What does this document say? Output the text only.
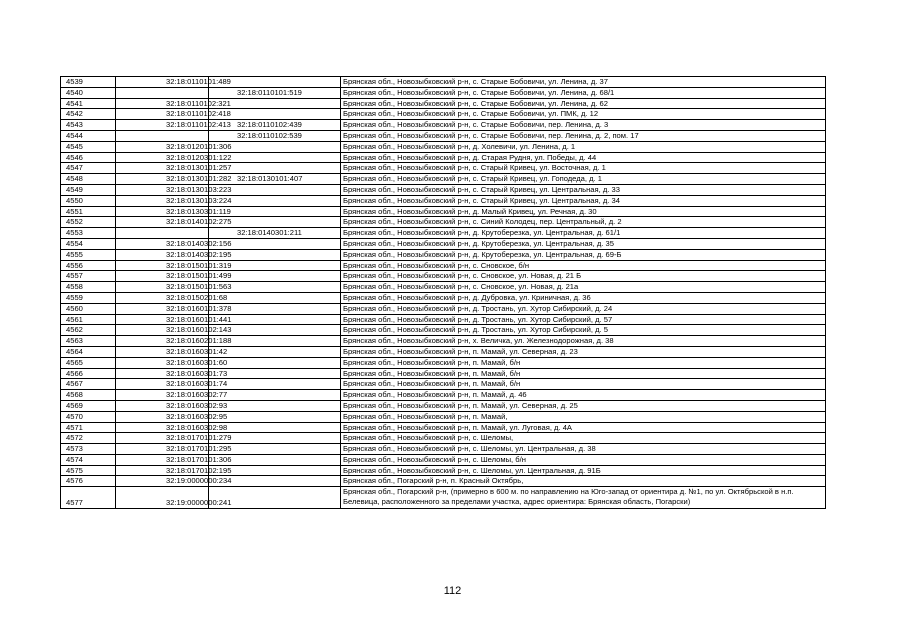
4539	32:18:0110101:489		Брянская обл., Новозыбковский р-н, с. Старые Бобовичи, ул. Ленина, д. 37
4540		32:18:0110101:519	Брянская обл., Новозыбковский р-н, с. Старые Бобовичи, ул. Ленина, д. 68/1
4541	32:18:0110102:321		Брянская обл., Новозыбковский р-н, с. Старые Бобовичи, ул. Ленина, д. 62
4542	32:18:0110102:418		Брянская обл., Новозыбковский р-н, с. Старые Бобовичи, ул. ПМК, д. 12
4543	32:18:0110102:413	32:18:0110102:439	Брянская обл., Новозыбковский р-н, с. Старые Бобовичи, пер. Ленина, д. 3
4544		32:18:0110102:539	Брянская обл., Новозыбковский р-н, с. Старые Бобовичи, пер. Ленина, д. 2, пом. 17
4545	32:18:0120101:306		Брянская обл., Новозыбковский р-н, д. Холевичи, ул. Ленина, д. 1
4546	32:18:0120301:122		Брянская обл., Новозыбковский р-н, д. Старая Рудня, ул. Победы, д. 44
4547	32:18:0130101:257		Брянская обл., Новозыбковский р-н, с. Старый Кривец, ул. Восточная, д. 1
4548	32:18:0130101:282	32:18:0130101:407	Брянская обл., Новозыбковский р-н, с. Старый Кривец, ул. Гоподеда, д. 1
4549	32:18:0130103:223		Брянская обл., Новозыбковский р-н, с. Старый Кривец, ул. Центральная, д. 33
4550	32:18:0130103:224		Брянская обл., Новозыбковский р-н, с. Старый Кривец, ул. Центральная, д. 34
4551	32:18:0130301:119		Брянская обл., Новозыбковский р-н, д. Малый Кривец, ул. Речная, д. 30
4552	32:18:0140102:275		Брянская обл., Новозыбковский р-н, с. Синий Колодец, пер. Центральный, д. 2
4553		32:18:0140301:211	Брянская обл., Новозыбковский р-н, д. Крутоберезка, ул. Центральная, д. 61/1
4554	32:18:0140302:156		Брянская обл., Новозыбковский р-н, д. Крутоберезка, ул. Центральная, д. 35
4555	32:18:0140302:195		Брянская обл., Новозыбковский р-н, д. Крутоберезка, ул. Центральная, д. 69-Б
4556	32:18:0150101:319		Брянская обл., Новозыбковский р-н, с. Сновское, б/н
4557	32:18:0150101:499		Брянская обл., Новозыбковский р-н, с. Сновское, ул. Новая, д. 21 Б
4558	32:18:0150101:563		Брянская обл., Новозыбковский р-н, с. Сновское, ул. Новая, д. 21а
4559	32:18:0150201:68		Брянская обл., Новозыбковский р-н, д. Дубровка, ул. Криничная, д. 36
4560	32:18:0160101:378		Брянская обл., Новозыбковский р-н, д. Тростань, ул. Хутор Сибирский, д. 24
4561	32:18:0160101:441		Брянская обл., Новозыбковский р-н, д. Тростань, ул. Хутор Сибирский, д. 57
4562	32:18:0160102:143		Брянская обл., Новозыбковский р-н, д. Тростань, ул. Хутор Сибирский, д. 5
4563	32:18:0160201:188		Брянская обл., Новозыбковский р-н, х. Величка, ул. Железнодорожная, д. 38
4564	32:18:0160301:42		Брянская обл., Новозыбковский р-н, п. Мамай, ул. Северная, д. 23
4565	32:18:0160301:60		Брянская обл., Новозыбковский р-н, п. Мамай, б/н
4566	32:18:0160301:73		Брянская обл., Новозыбковский р-н, п. Мамай, б/н
4567	32:18:0160301:74		Брянская обл., Новозыбковский р-н, п. Мамай, б/н
4568	32:18:0160302:77		Брянская обл., Новозыбковский р-н, п. Мамай, д. 46
4569	32:18:0160302:93		Брянская обл., Новозыбковский р-н, п. Мамай, ул. Северная, д. 25
4570	32:18:0160302:95		Брянская обл., Новозыбковский р-н, п. Мамай,
4571	32:18:0160302:98		Брянская обл., Новозыбковский р-н, п. Мамай, ул. Луговая, д. 4А
4572	32:18:0170101:279		Брянская обл., Новозыбковский р-н, с. Шеломы,
4573	32:18:0170101:295		Брянская обл., Новозыбковский р-н, с. Шеломы, ул. Центральная, д. 38
4574	32:18:0170101:306		Брянская обл., Новозыбковский р-н, с. Шеломы, б/н
4575	32:18:0170102:195		Брянская обл., Новозыбковский р-н, с. Шеломы, ул. Центральная, д. 91Б
4576	32:19:0000000:234		Брянская обл., Погарский р-н, п. Красный Октябрь,
4577	32:19:0000000:241		Брянская обл., Погарский р-н, (примерно в 600 м. по направлению на Юго-запад от ориентира д. №1, по ул. Октябрьской в н.п. Белевица, расположенного за пределами участка, адрес ориентира: Брянская область, Погарски)
112
